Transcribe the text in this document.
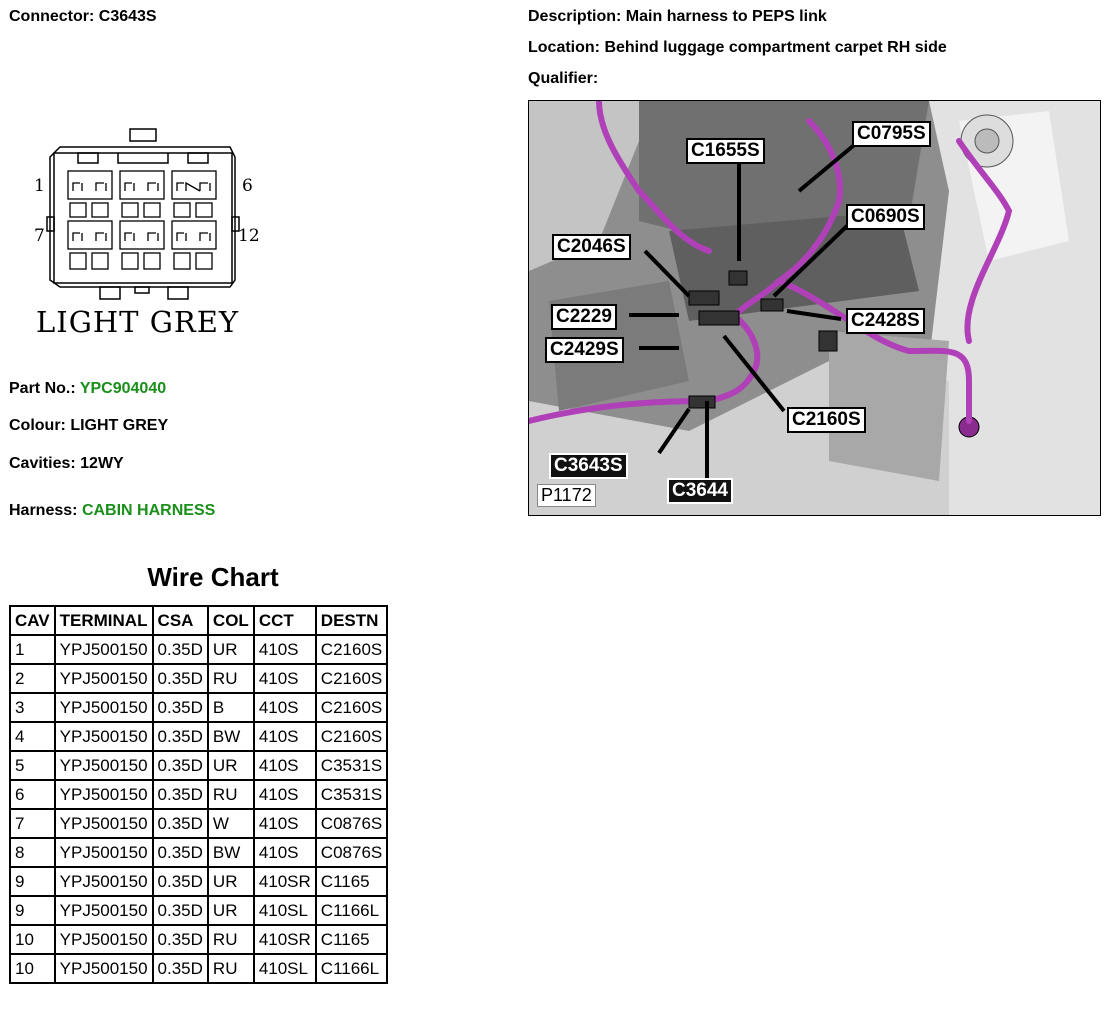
Connector: C3643S	Description: Main harness to PEPS link
Location: Behind luggage compartment carpet RH side
Qualifier:
1	6
7	12
LIGHT GREY
Part No.: YPC904040
Colour: LIGHT GREY
Cavities: 12WY
Harness: CABIN HARNESS
Wire Chart
CAV	TERMINAL	CSA	COL	CCT	DESTN
1	YPJ500150	0.35D	UR	410S	C2160S
2	YPJ500150	0.35D	RU	410S	C2160S
3	YPJ500150	0.35D	B	410S	C2160S
4	YPJ500150	0.35D	BW	410S	C2160S
5	YPJ500150	0.35D	UR	410S	C3531S
6	YPJ500150	0.35D	RU	410S	C3531S
7	YPJ500150	0.35D	W	410S	C0876S
8	YPJ500150	0.35D	BW	410S	C0876S
9	YPJ500150	0.35D	UR	410SR	C1165
9	YPJ500150	0.35D	UR	410SL	C1166L
10	YPJ500150	0.35D	RU	410SR	C1165
10	YPJ500150	0.35D	RU	410SL	C1166L
C0795S
C1655S
C0690S
C2046S
C2229	C2428S
C2429S
C2160S
C3643S
C3644
P1172
